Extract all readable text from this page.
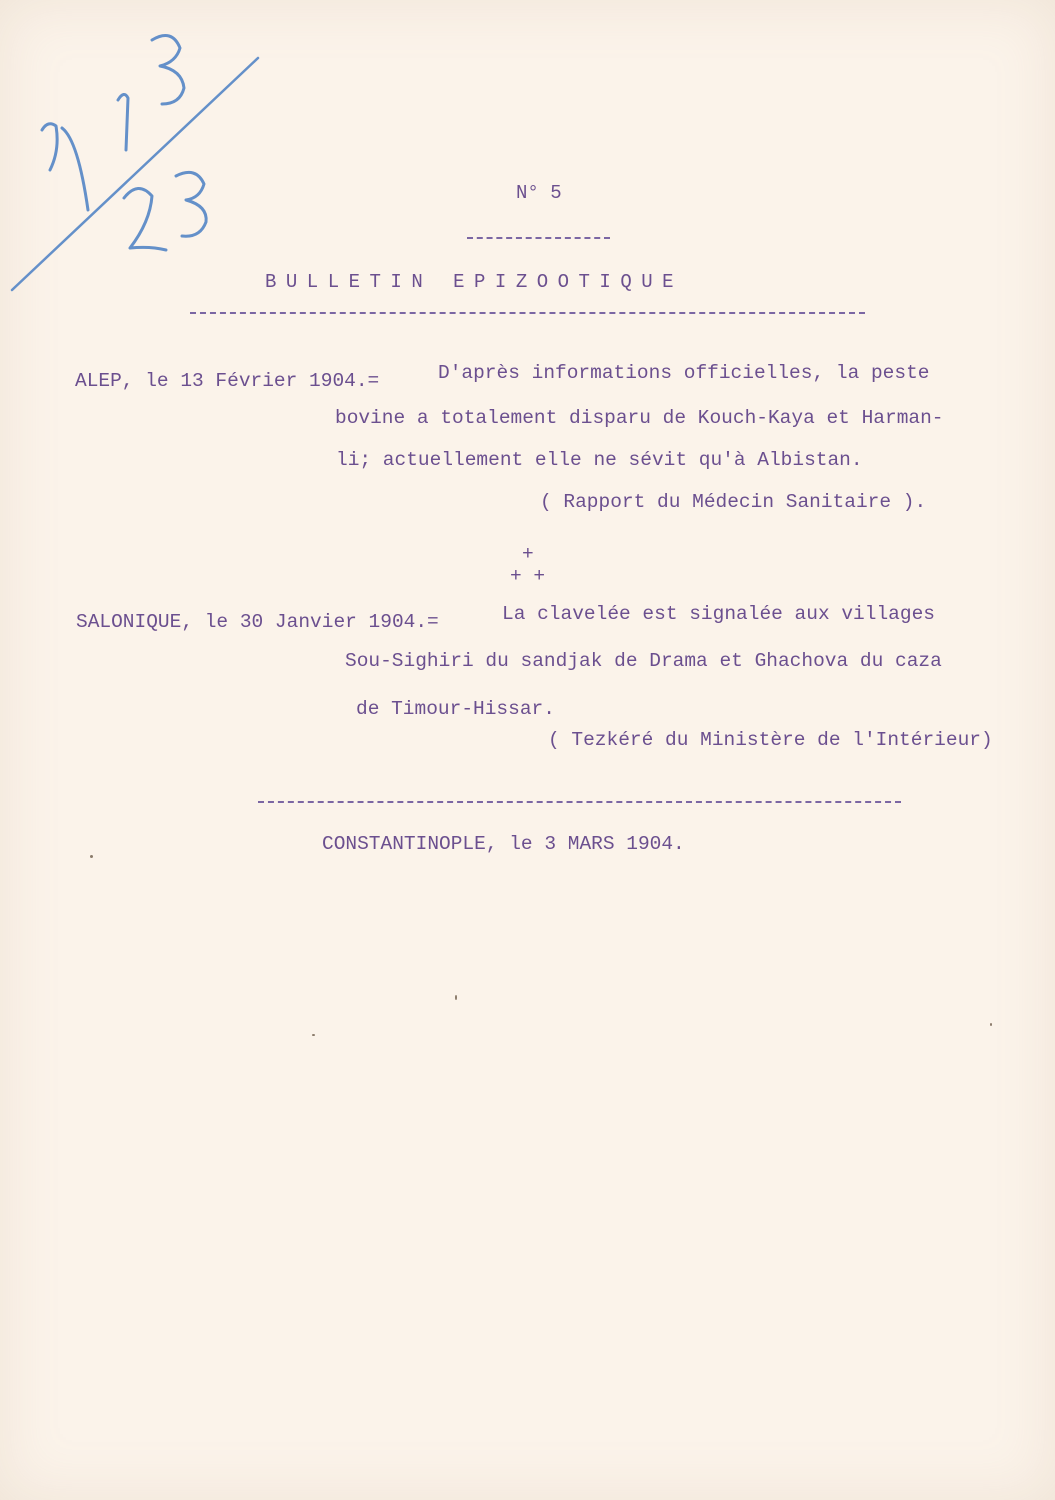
N° 5
BULLETIN EPIZOOTIQUE
ALEP, le 13 Février 1904.=	D'après informations officielles, la peste
bovine a totalement disparu de Kouch-Kaya et Harman-
li; actuellement elle ne sévit qu'à Albistan.
( Rapport du Médecin Sanitaire ).
+
+ +
SALONIQUE, le 30 Janvier 1904.=	La clavelée est signalée aux villages
Sou-Sighiri du sandjak de Drama et Ghachova du caza
de Timour-Hissar.
( Tezkéré du Ministère de l'Intérieur)
CONSTANTINOPLE, le 3 MARS 1904.
